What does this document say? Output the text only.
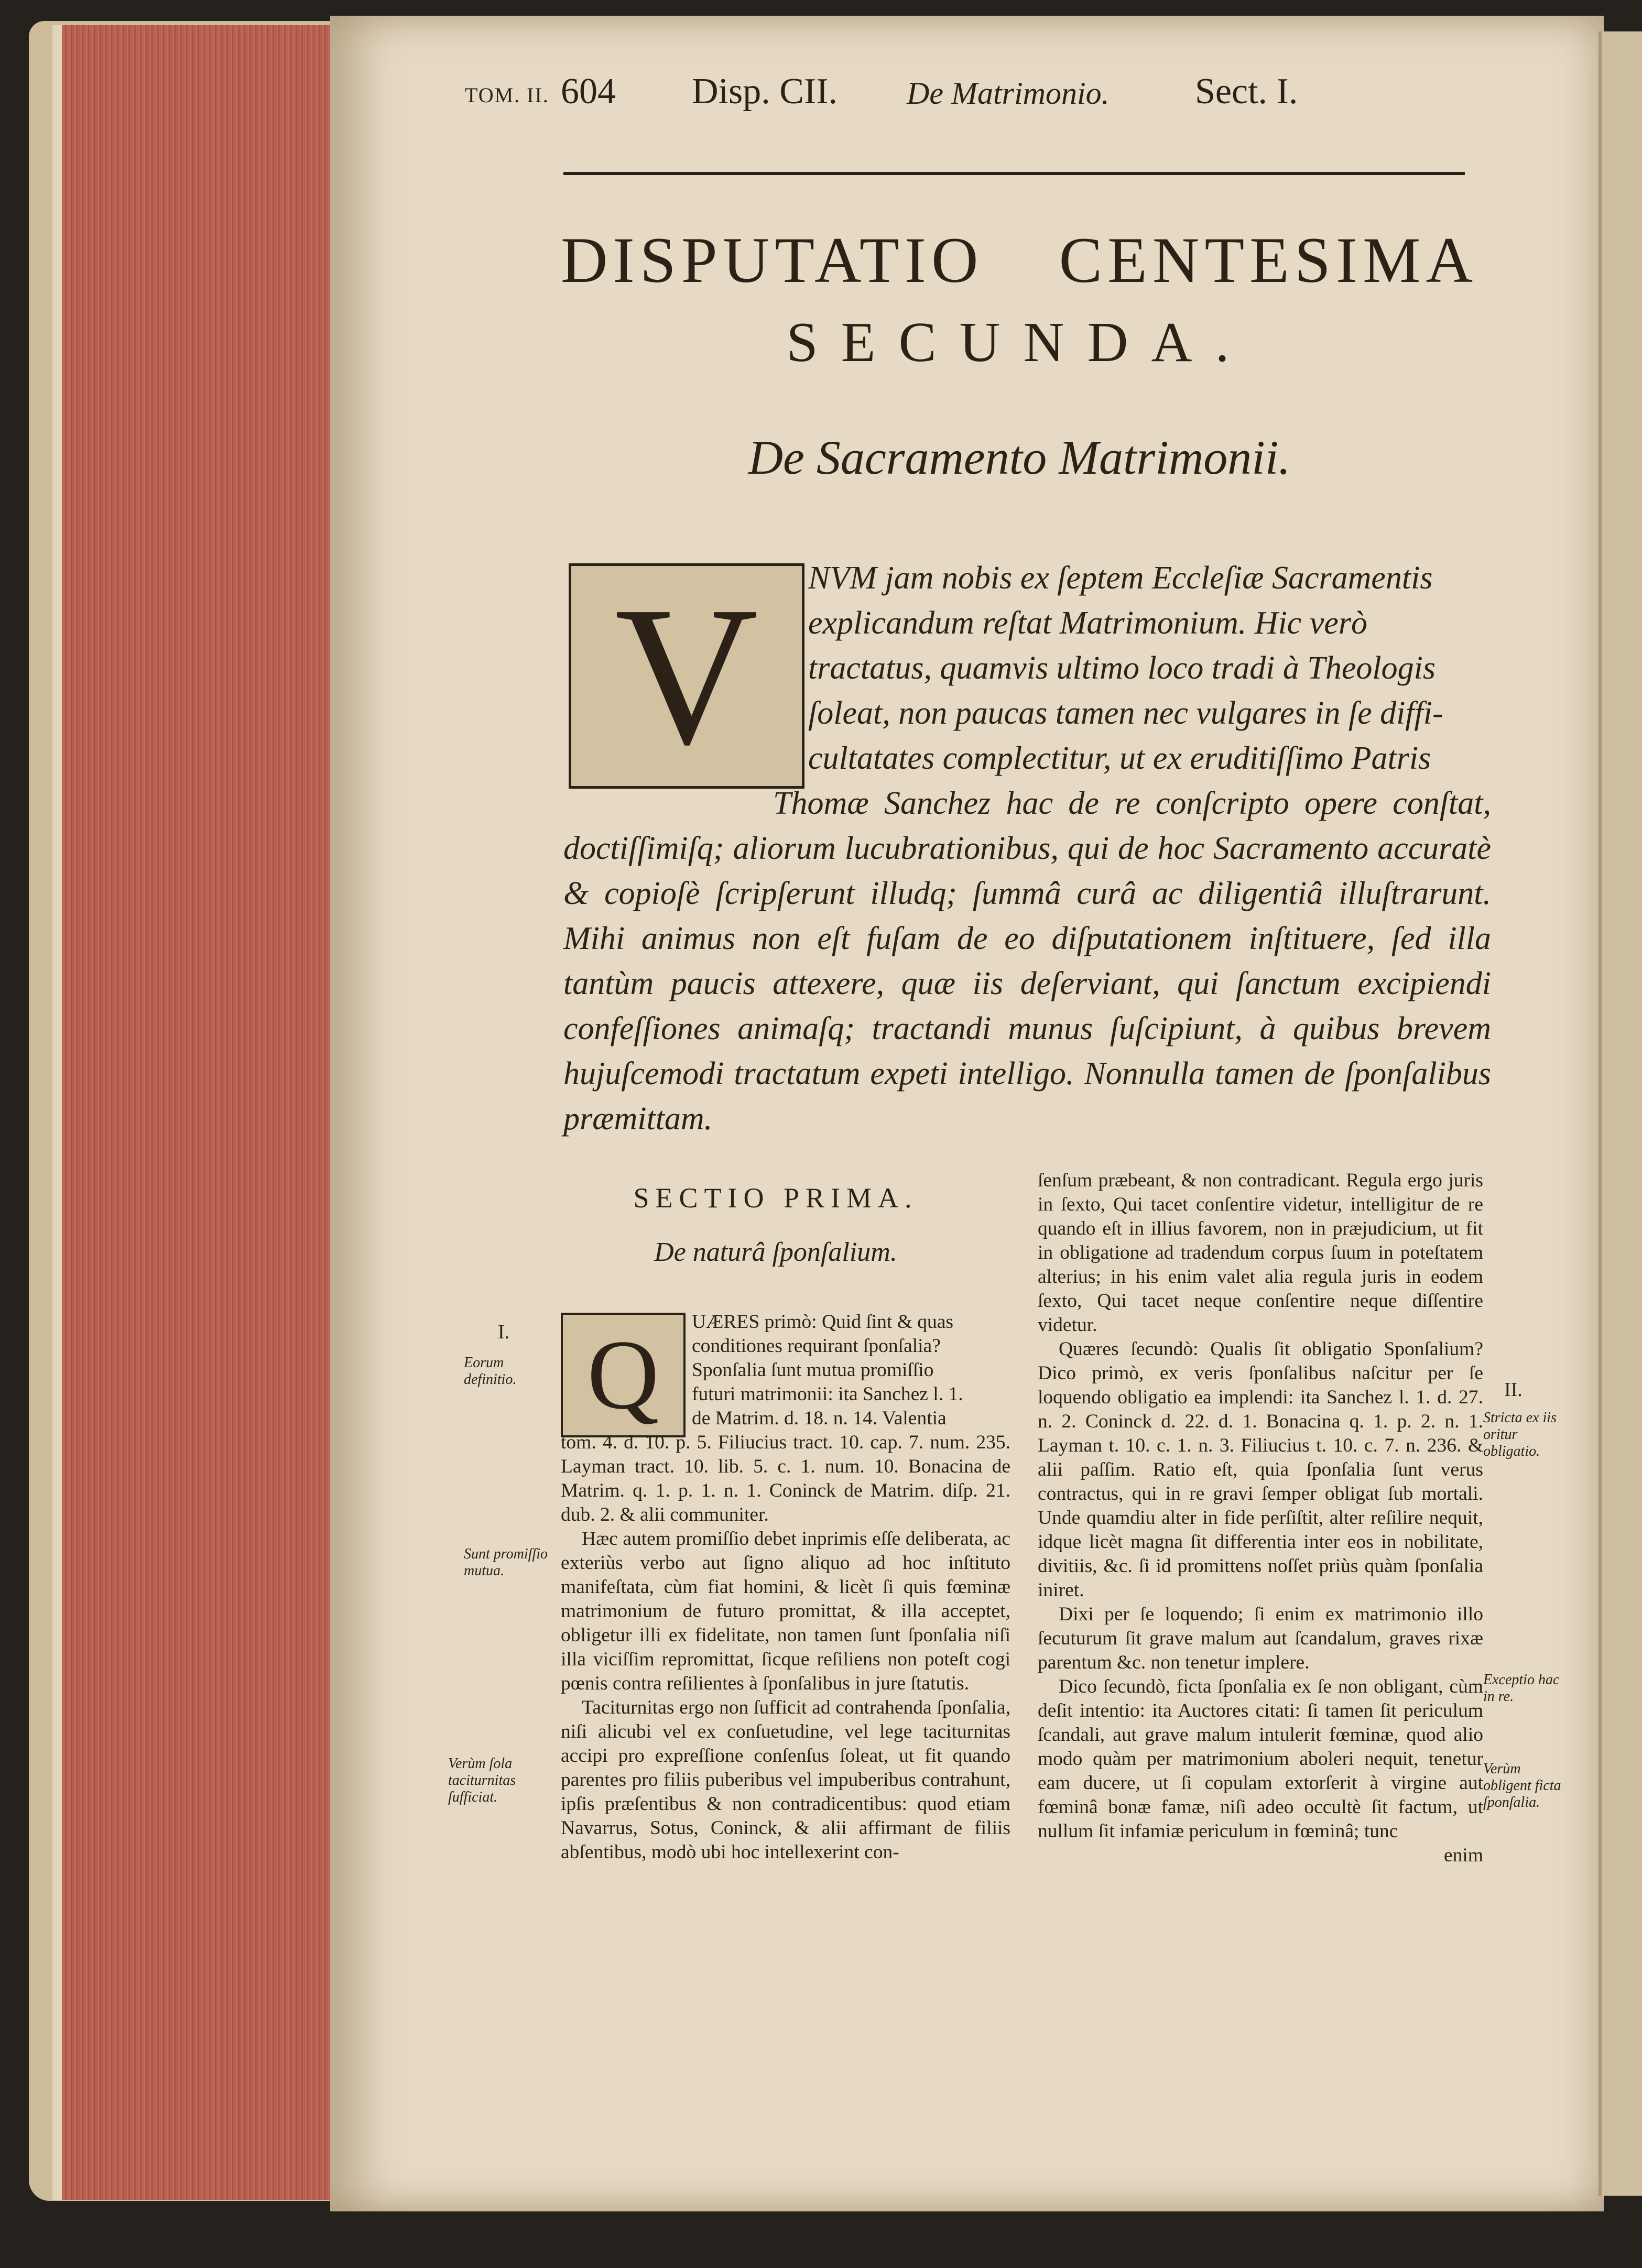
TOM. II. 604 Disp. CII. De Matrimonio. Sect. I.
DISPUTATIO CENTESIMA
SECUNDA.
De Sacramento Matrimonii.
V	NVM jam nobis ex ſeptem Eccleſiæ Sacramentis
explicandum reſtat Matrimonium. Hic verò
tractatus, quamvis ultimo loco tradi à Theologis
ſoleat, non paucas tamen nec vulgares in ſe diffi-
cultatates complectitur, ut ex eruditiſſimo Patris
Thomæ Sanchez hac de re conſcripto opere conſtat, doctiſſimiſq; aliorum lucubrationibus, qui de hoc Sacramento accuratè & copioſè ſcripſerunt illudq; ſummâ curâ ac diligentiâ illuſtrarunt. Mihi animus non eſt fuſam de eo diſputationem inſtituere, ſed illa tantùm paucis attexere, quæ iis deſerviant, qui ſanctum excipiendi confeſſiones animaſq; tractandi munus ſuſcipiunt, à quibus brevem hujuſcemodi tractatum expeti intelligo. Nonnulla tamen de ſponſalibus præmittam.
SECTIO PRIMA.
De naturâ ſponſalium.
I.
Eorum definitio.
Sunt promiſſio mutua.
Verùm ſola taciturnitas ſufficiat.
Q	UÆRES primò: Quid ſint & quas
conditiones requirant ſponſalia?
Sponſalia ſunt mutua promiſſio
futuri matrimonii: ita Sanchez l. 1.
de Matrim. d. 18. n. 14. Valentia

tom. 4. d. 10. p. 5. Filiucius tract. 10. cap. 7. num. 235. Layman tract. 10. lib. 5. c. 1. num. 10. Bonacina de Matrim. q. 1. p. 1. n. 1. Coninck de Matrim. diſp. 21. dub. 2. & alii communiter.

Hæc autem promiſſio debet inprimis eſſe deliberata, ac exteriùs verbo aut ſigno aliquo ad hoc inſtituto manifeſtata, cùm fiat homini, & licèt ſi quis fœminæ matrimonium de futuro promittat, & illa acceptet, obligetur illi ex fidelitate, non tamen ſunt ſponſalia niſi illa viciſſim repromittat, ſicque reſiliens non poteſt cogi pœnis contra reſilientes à ſponſalibus in jure ſtatutis.

Taciturnitas ergo non ſufficit ad contrahenda ſponſalia, niſi alicubi vel ex conſuetudine, vel lege taciturnitas accipi pro expreſſione conſenſus ſoleat, ut fit quando parentes pro filiis puberibus vel impuberibus contrahunt, ipſis præſentibus & non contradicentibus: quod etiam Navarrus, Sotus, Coninck, & alii affirmant de filiis abſentibus, modò ubi hoc intellexerint con-

ſenſum præbeant, & non contradicant. Regula ergo juris in ſexto, Qui tacet conſentire videtur, intelligitur de re quando eſt in illius favorem, non in præjudicium, ut fit in obligatione ad tradendum corpus ſuum in poteſtatem alterius; in his enim valet alia regula juris in eodem ſexto, Qui tacet neque conſentire neque diſſentire videtur.

Quæres ſecundò: Qualis ſit obligatio Sponſalium? Dico primò, ex veris ſponſalibus naſcitur per ſe loquendo obligatio ea implendi: ita Sanchez l. 1. d. 27. n. 2. Coninck d. 22. d. 1. Bonacina q. 1. p. 2. n. 1. Layman t. 10. c. 1. n. 3. Filiucius t. 10. c. 7. n. 236. & alii paſſim. Ratio eſt, quia ſponſalia ſunt verus contractus, qui in re gravi ſemper obligat ſub mortali. Unde quamdiu alter in fide perſiſtit, alter reſilire nequit, idque licèt magna ſit differentia inter eos in nobilitate, divitiis, &c. ſi id promittens noſſet priùs quàm ſponſalia iniret.

Dixi per ſe loquendo; ſi enim ex matrimonio illo ſecuturum ſit grave malum aut ſcandalum, graves rixæ parentum &c. non tenetur implere.

Dico ſecundò, ficta ſponſalia ex ſe non obligant, cùm deſit intentio: ita Auctores citati: ſi tamen ſit periculum ſcandali, aut grave malum intulerit fœminæ, quod alio modo quàm per matrimonium aboleri nequit, tenetur eam ducere, ut ſi copulam extorſerit à virgine aut fœminâ bonæ famæ, niſi adeo occultè ſit factum, ut nullum ſit infamiæ periculum in fœminâ; tunc

enim

II.
Stricta ex iis oritur obligatio.
Exceptio hac in re.
Verùm obligent ficta ſponſalia.
